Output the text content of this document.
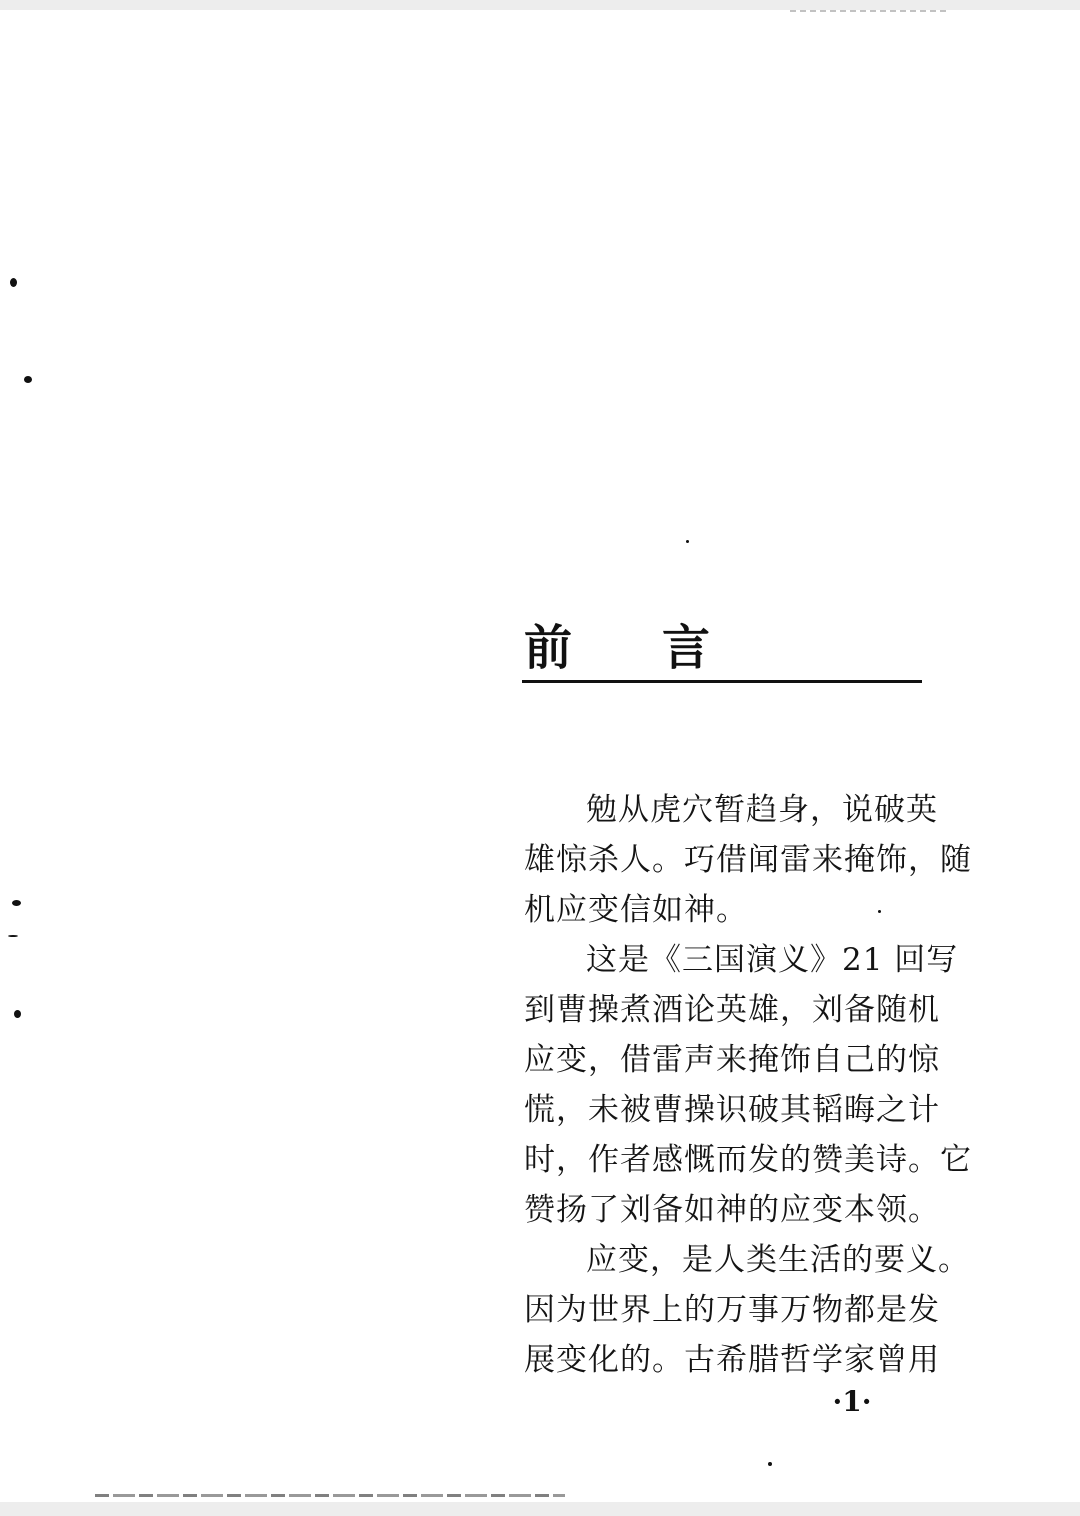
前 言
勉从虎穴暂趋身，说破英
雄惊杀人。巧借闻雷来掩饰，随
机应变信如神。
这是《三国演义》21 回写
到曹操煮酒论英雄，刘备随机
应变，借雷声来掩饰自己的惊
慌，未被曹操识破其韬晦之计
时，作者感慨而发的赞美诗。它
赞扬了刘备如神的应变本领。
应变，是人类生活的要义。
因为世界上的万事万物都是发
展变化的。古希腊哲学家曾用
·1·
